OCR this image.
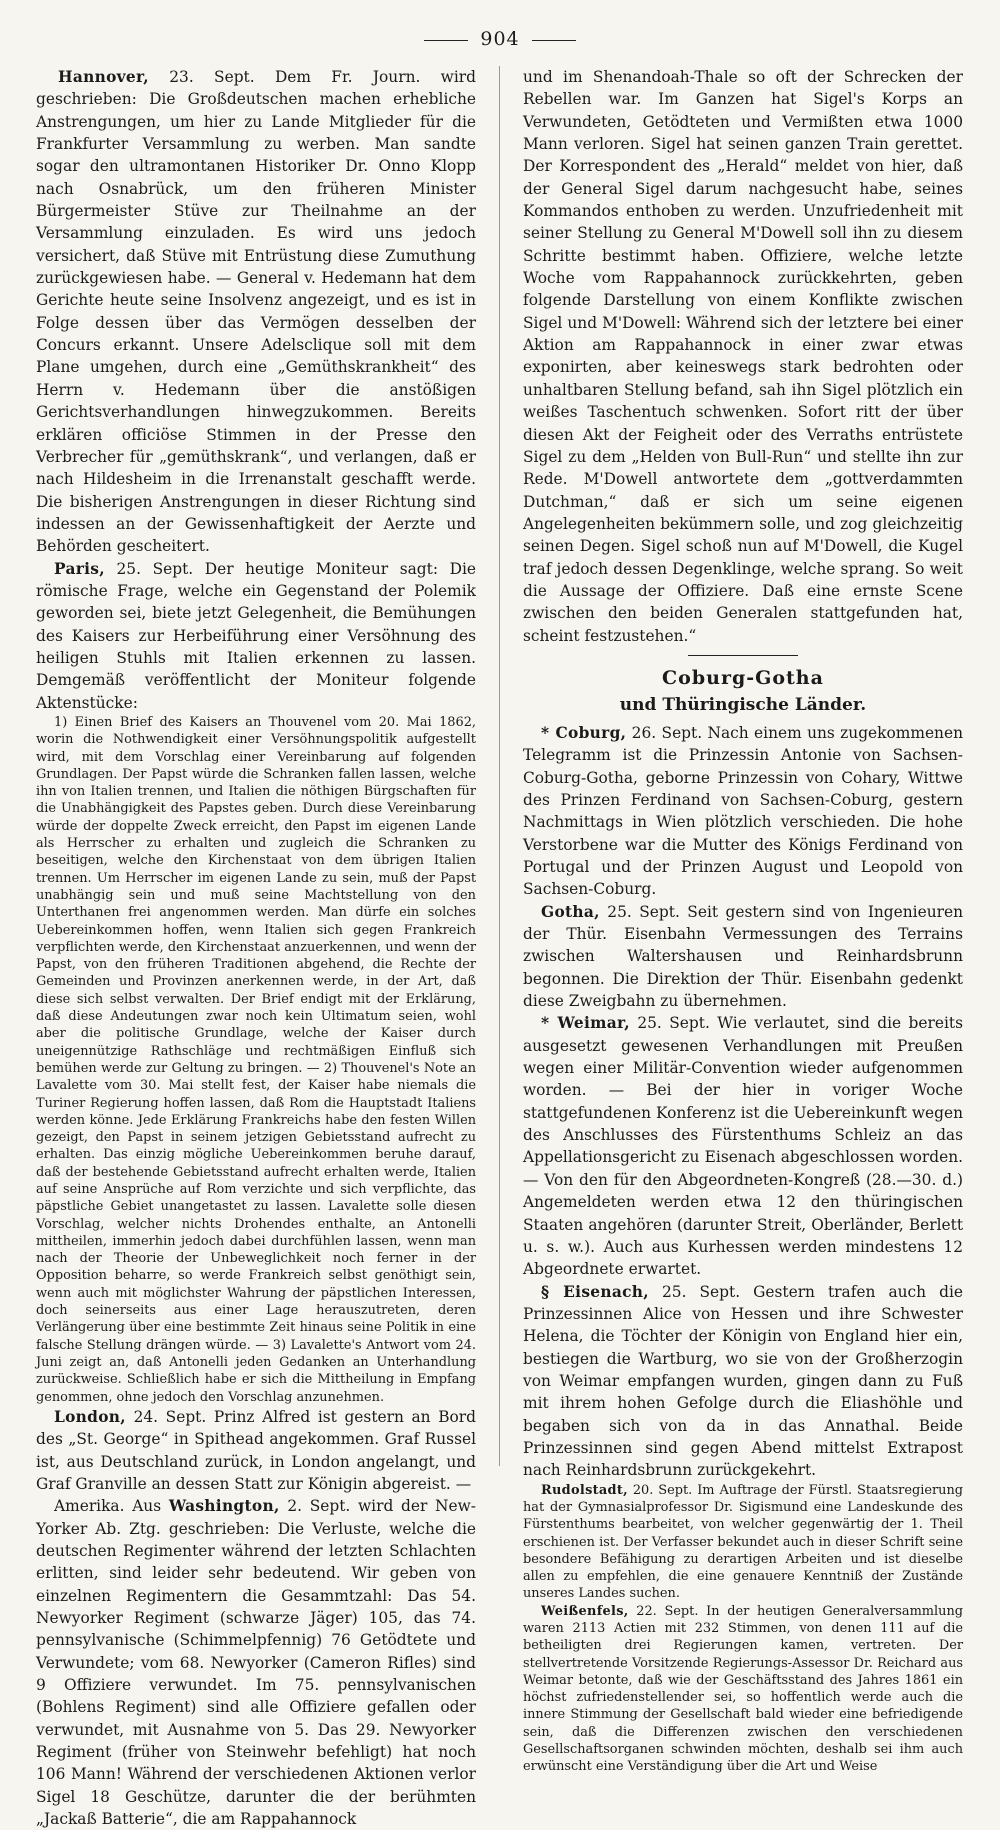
904

Hannover, 23. Sept. Dem Fr. Journ. wird geschrieben: Die Großdeutschen machen erhebliche Anstrengungen, um hier zu Lande Mitglieder für die Frankfurter Versammlung zu werben. Man sandte sogar den ultramontanen Historiker Dr. Onno Klopp nach Osnabrück, um den früheren Minister Bürgermeister Stüve zur Theilnahme an der Versammlung einzuladen. Es wird uns jedoch versichert, daß Stüve mit Entrüstung diese Zumuthung zurückgewiesen habe. — General v. Hedemann hat dem Gerichte heute seine Insolvenz angezeigt, und es ist in Folge dessen über das Vermögen desselben der Concurs erkannt. Unsere Adelsclique soll mit dem Plane umgehen, durch eine „Gemüthskrankheit“ des Herrn v. Hedemann über die anstößigen Gerichtsverhandlungen hinwegzukommen. Bereits erklären officiöse Stimmen in der Presse den Verbrecher für „gemüthskrank“, und verlangen, daß er nach Hildesheim in die Irrenanstalt geschafft werde. Die bisherigen Anstrengungen in dieser Richtung sind indessen an der Gewissenhaftigkeit der Aerzte und Behörden gescheitert.

Paris, 25. Sept. Der heutige Moniteur sagt: Die römische Frage, welche ein Gegenstand der Polemik geworden sei, biete jetzt Gelegenheit, die Bemühungen des Kaisers zur Herbeiführung einer Versöhnung des heiligen Stuhls mit Italien erkennen zu lassen. Demgemäß veröffentlicht der Moniteur folgende Aktenstücke:

1) Einen Brief des Kaisers an Thouvenel vom 20. Mai 1862, worin die Nothwendigkeit einer Versöhnungspolitik aufgestellt wird, mit dem Vorschlag einer Vereinbarung auf folgenden Grundlagen. Der Papst würde die Schranken fallen lassen, welche ihn von Italien trennen, und Italien die nöthigen Bürgschaften für die Unabhängigkeit des Papstes geben. Durch diese Vereinbarung würde der doppelte Zweck erreicht, den Papst im eigenen Lande als Herrscher zu erhalten und zugleich die Schranken zu beseitigen, welche den Kirchenstaat von dem übrigen Italien trennen. Um Herrscher im eigenen Lande zu sein, muß der Papst unabhängig sein und muß seine Machtstellung von den Unterthanen frei angenommen werden. Man dürfe ein solches Uebereinkommen hoffen, wenn Italien sich gegen Frankreich verpflichten werde, den Kirchenstaat anzuerkennen, und wenn der Papst, von den früheren Traditionen abgehend, die Rechte der Gemeinden und Provinzen anerkennen werde, in der Art, daß diese sich selbst verwalten. Der Brief endigt mit der Erklärung, daß diese Andeutungen zwar noch kein Ultimatum seien, wohl aber die politische Grundlage, welche der Kaiser durch uneigennützige Rathschläge und rechtmäßigen Einfluß sich bemühen werde zur Geltung zu bringen. — 2) Thouvenel's Note an Lavalette vom 30. Mai stellt fest, der Kaiser habe niemals die Turiner Regierung hoffen lassen, daß Rom die Hauptstadt Italiens werden könne. Jede Erklärung Frankreichs habe den festen Willen gezeigt, den Papst in seinem jetzigen Gebietsstand aufrecht zu erhalten. Das einzig mögliche Uebereinkommen beruhe darauf, daß der bestehende Gebietsstand aufrecht erhalten werde, Italien auf seine Ansprüche auf Rom verzichte und sich verpflichte, das päpstliche Gebiet unangetastet zu lassen. Lavalette solle diesen Vorschlag, welcher nichts Drohendes enthalte, an Antonelli mittheilen, immerhin jedoch dabei durchfühlen lassen, wenn man nach der Theorie der Unbeweglichkeit noch ferner in der Opposition beharre, so werde Frankreich selbst genöthigt sein, wenn auch mit möglichster Wahrung der päpstlichen Interessen, doch seinerseits aus einer Lage herauszutreten, deren Verlängerung über eine bestimmte Zeit hinaus seine Politik in eine falsche Stellung drängen würde. — 3) Lavalette's Antwort vom 24. Juni zeigt an, daß Antonelli jeden Gedanken an Unterhandlung zurückweise. Schließlich habe er sich die Mittheilung in Empfang genommen, ohne jedoch den Vorschlag anzunehmen.

London, 24. Sept. Prinz Alfred ist gestern an Bord des „St. George“ in Spithead angekommen. Graf Russel ist, aus Deutschland zurück, in London angelangt, und Graf Granville an dessen Statt zur Königin abgereist. —

Amerika. Aus Washington, 2. Sept. wird der New-Yorker Ab. Ztg. geschrieben: Die Verluste, welche die deutschen Regimenter während der letzten Schlachten erlitten, sind leider sehr bedeutend. Wir geben von einzelnen Regimentern die Gesammtzahl: Das 54. Newyorker Regiment (schwarze Jäger) 105, das 74. pennsylvanische (Schimmelpfennig) 76 Getödtete und Verwundete; vom 68. Newyorker (Cameron Rifles) sind 9 Offiziere verwundet. Im 75. pennsylvanischen (Bohlens Regiment) sind alle Offiziere gefallen oder verwundet, mit Ausnahme von 5. Das 29. Newyorker Regiment (früher von Steinwehr befehligt) hat noch 106 Mann! Während der verschiedenen Aktionen verlor Sigel 18 Geschütze, darunter die der berühmten „Jackaß Batterie“, die am Rappahannock

und im Shenandoah-Thale so oft der Schrecken der Rebellen war. Im Ganzen hat Sigel's Korps an Verwundeten, Getödteten und Vermißten etwa 1000 Mann verloren. Sigel hat seinen ganzen Train gerettet. Der Korrespondent des „Herald“ meldet von hier, daß der General Sigel darum nachgesucht habe, seines Kommandos enthoben zu werden. Unzufriedenheit mit seiner Stellung zu General M'Dowell soll ihn zu diesem Schritte bestimmt haben. Offiziere, welche letzte Woche vom Rappahannock zurückkehrten, geben folgende Darstellung von einem Konflikte zwischen Sigel und M'Dowell: Während sich der letztere bei einer Aktion am Rappahannock in einer zwar etwas exponirten, aber keineswegs stark bedrohten oder unhaltbaren Stellung befand, sah ihn Sigel plötzlich ein weißes Taschentuch schwenken. Sofort ritt der über diesen Akt der Feigheit oder des Verraths entrüstete Sigel zu dem „Helden von Bull-Run“ und stellte ihn zur Rede. M'Dowell antwortete dem „gottverdammten Dutchman,“ daß er sich um seine eigenen Angelegenheiten bekümmern solle, und zog gleichzeitig seinen Degen. Sigel schoß nun auf M'Dowell, die Kugel traf jedoch dessen Degenklinge, welche sprang. So weit die Aussage der Offiziere. Daß eine ernste Scene zwischen den beiden Generalen stattgefunden hat, scheint festzustehen.“

Coburg-Gotha
und Thüringische Länder.

* Coburg, 26. Sept. Nach einem uns zugekommenen Telegramm ist die Prinzessin Antonie von Sachsen-Coburg-Gotha, geborne Prinzessin von Cohary, Wittwe des Prinzen Ferdinand von Sachsen-Coburg, gestern Nachmittags in Wien plötzlich verschieden. Die hohe Verstorbene war die Mutter des Königs Ferdinand von Portugal und der Prinzen August und Leopold von Sachsen-Coburg.

Gotha, 25. Sept. Seit gestern sind von Ingenieuren der Thür. Eisenbahn Vermessungen des Terrains zwischen Waltershausen und Reinhardsbrunn begonnen. Die Direktion der Thür. Eisenbahn gedenkt diese Zweigbahn zu übernehmen.

* Weimar, 25. Sept. Wie verlautet, sind die bereits ausgesetzt gewesenen Verhandlungen mit Preußen wegen einer Militär-Convention wieder aufgenommen worden. — Bei der hier in voriger Woche stattgefundenen Konferenz ist die Uebereinkunft wegen des Anschlusses des Fürstenthums Schleiz an das Appellationsgericht zu Eisenach abgeschlossen worden. — Von den für den Abgeordneten-Kongreß (28.—30. d.) Angemeldeten werden etwa 12 den thüringischen Staaten angehören (darunter Streit, Oberländer, Berlett u. s. w.). Auch aus Kurhessen werden mindestens 12 Abgeordnete erwartet.

§ Eisenach, 25. Sept. Gestern trafen auch die Prinzessinnen Alice von Hessen und ihre Schwester Helena, die Töchter der Königin von England hier ein, bestiegen die Wartburg, wo sie von der Großherzogin von Weimar empfangen wurden, gingen dann zu Fuß mit ihrem hohen Gefolge durch die Eliashöhle und begaben sich von da in das Annathal. Beide Prinzessinnen sind gegen Abend mittelst Extrapost nach Reinhardsbrunn zurückgekehrt.

Rudolstadt, 20. Sept. Im Auftrage der Fürstl. Staatsregierung hat der Gymnasialprofessor Dr. Sigismund eine Landeskunde des Fürstenthums bearbeitet, von welcher gegenwärtig der 1. Theil erschienen ist. Der Verfasser bekundet auch in dieser Schrift seine besondere Befähigung zu derartigen Arbeiten und ist dieselbe allen zu empfehlen, die eine genauere Kenntniß der Zustände unseres Landes suchen.

Weißenfels, 22. Sept. In der heutigen Generalversammlung waren 2113 Actien mit 232 Stimmen, von denen 111 auf die betheiligten drei Regierungen kamen, vertreten. Der stellvertretende Vorsitzende Regierungs-Assessor Dr. Reichard aus Weimar betonte, daß wie der Geschäftsstand des Jahres 1861 ein höchst zufriedenstellender sei, so hoffentlich werde auch die innere Stimmung der Gesellschaft bald wieder eine befriedigende sein, daß die Differenzen zwischen den verschiedenen Gesellschaftsorganen schwinden möchten, deshalb sei ihm auch erwünscht eine Verständigung über die Art und Weise
